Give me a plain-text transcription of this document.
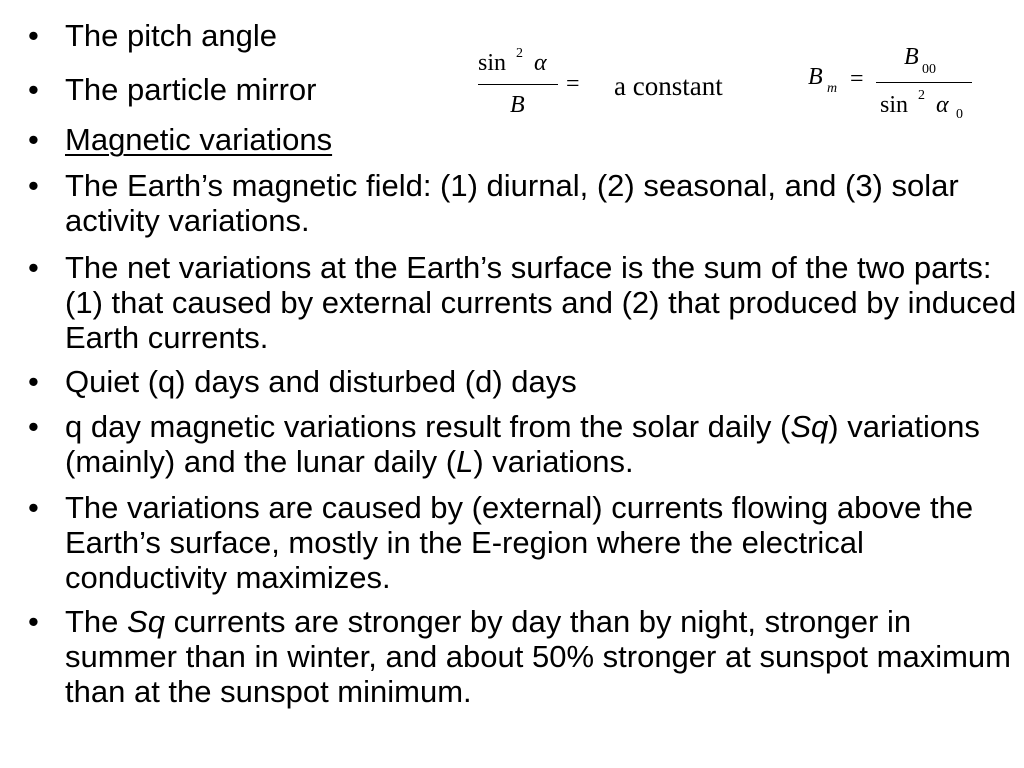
• The pitch angle
• The particle mirror
• Magnetic variations
• The Earth’s magnetic field: (1) diurnal, (2) seasonal, and (3) solar activity variations.
• The net variations at the Earth’s surface is the sum of the two parts: (1) that caused by external currents and (2) that produced by induced Earth currents.
• Quiet (q) days and disturbed (d) days
• q day magnetic variations result from the solar daily (Sq) variations (mainly) and the lunar daily (L) variations.
• The variations are caused by (external) currents flowing above the Earth’s surface, mostly in the E-region where the electrical conductivity maximizes.
• The Sq currents are stronger by day than by night, stronger in summer than in winter, and about 50% stronger at sunspot maximum than at the sunspot minimum.
sin 2 α
B
= a constant	B m =
B 00
sin 2 α 0
